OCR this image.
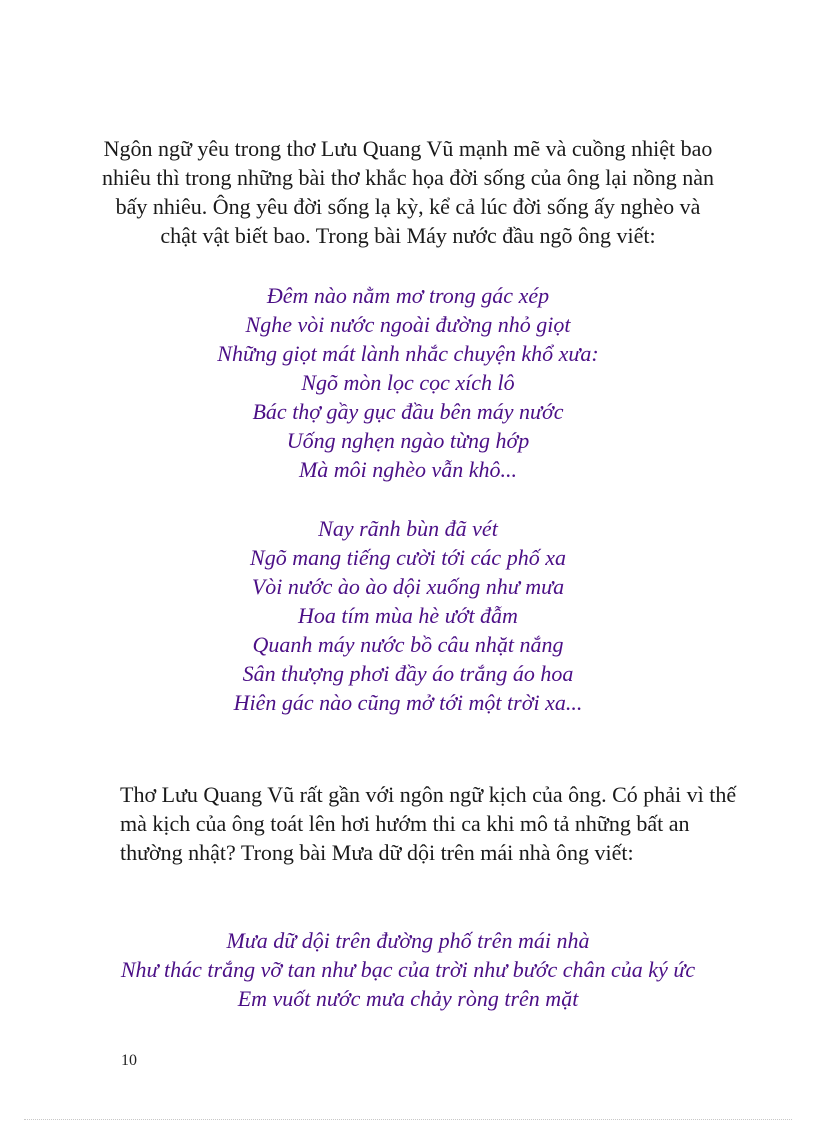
Ngôn ngữ yêu trong thơ Lưu Quang Vũ mạnh mẽ và cuồng nhiệt bao nhiêu thì trong những bài thơ khắc họa đời sống của ông lại nồng nàn bấy nhiêu. Ông yêu đời sống lạ kỳ, kể cả lúc đời sống ấy nghèo và chật vật biết bao. Trong bài Máy nước đầu ngõ ông viết:

Đêm nào nằm mơ trong gác xép
Nghe vòi nước ngoài đường nhỏ giọt
Những giọt mát lành nhắc chuyện khổ xưa:
Ngõ mòn lọc cọc xích lô
Bác thợ gầy gục đầu bên máy nước
Uống nghẹn ngào từng hớp
Mà môi nghèo vẫn khô...
Nay rãnh bùn đã vét
Ngõ mang tiếng cười tới các phố xa
Vòi nước ào ào dội xuống như mưa
Hoa tím mùa hè ướt đẫm
Quanh máy nước bồ câu nhặt nắng
Sân thượng phơi đầy áo trắng áo hoa
Hiên gác nào cũng mở tới một trời xa...

Thơ Lưu Quang Vũ rất gần với ngôn ngữ kịch của ông. Có phải vì thế mà kịch của ông toát lên hơi hướm thi ca khi mô tả những bất an thường nhật? Trong bài Mưa dữ dội trên mái nhà ông viết:

Mưa dữ dội trên đường phố trên mái nhà
Như thác trắng vỡ tan như bạc của trời như bước chân của ký ức
Em vuốt nước mưa chảy ròng trên mặt
10
